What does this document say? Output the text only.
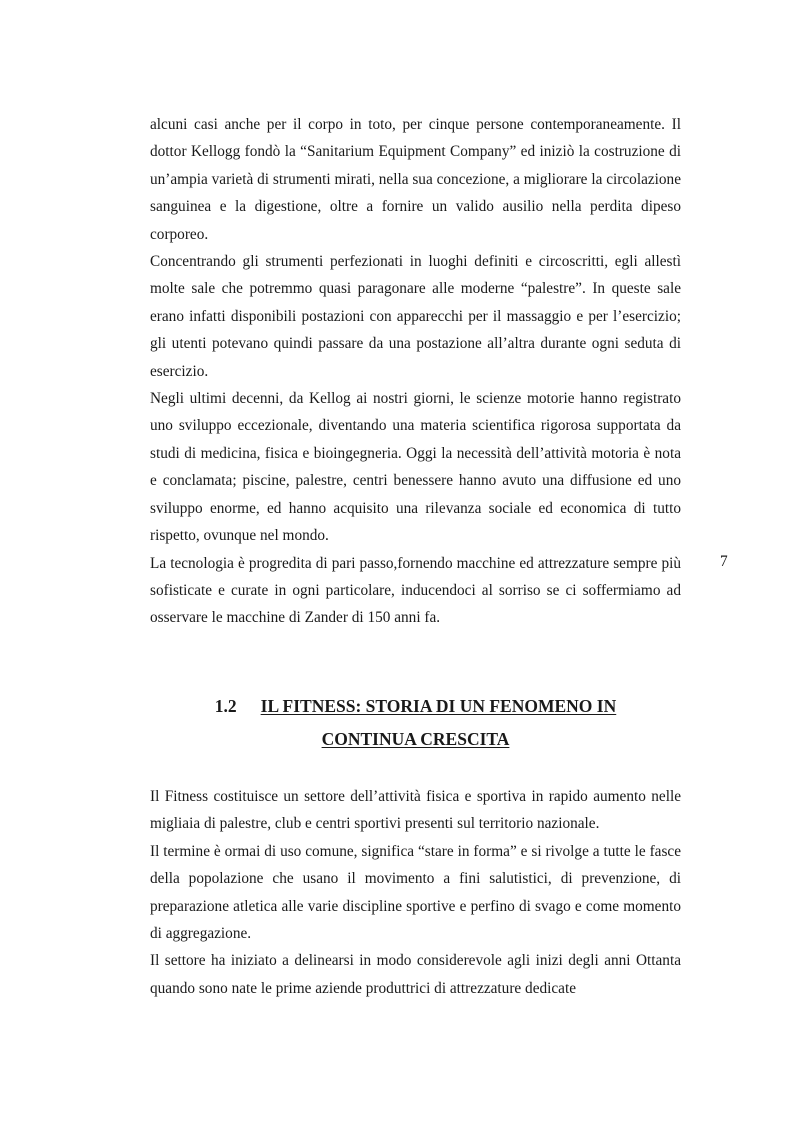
alcuni casi anche per il corpo in toto, per cinque persone contemporaneamente. Il dottor Kellogg fondò la “Sanitarium Equipment Company” ed iniziò la costruzione di un’ampia varietà di strumenti mirati, nella sua concezione, a migliorare la circolazione sanguinea e la digestione, oltre a fornire un valido ausilio nella perdita dipeso corporeo.

Concentrando gli strumenti perfezionati in luoghi definiti e circoscritti, egli allestì molte sale che potremmo quasi paragonare alle moderne “palestre”. In queste sale erano infatti disponibili postazioni con apparecchi per il massaggio e per l’esercizio; gli utenti potevano quindi passare da una postazione all’altra durante ogni seduta di esercizio.

Negli ultimi decenni, da Kellog ai nostri giorni, le scienze motorie hanno registrato uno sviluppo eccezionale, diventando una materia scientifica rigorosa supportata da studi di medicina, fisica e bioingegneria. Oggi la necessità dell’attività motoria è nota e conclamata; piscine, palestre, centri benessere hanno avuto una diffusione ed uno sviluppo enorme, ed hanno acquisito una rilevanza sociale ed economica di tutto rispetto, ovunque nel mondo.

La tecnologia è progredita di pari passo,fornendo macchine ed attrezzature sempre più sofisticate e curate in ogni particolare, inducendoci al sorriso se ci soffermiamo ad osservare le macchine di Zander di 150 anni fa.

7
1.2 IL FITNESS: STORIA DI UN FENOMENO IN
CONTINUA CRESCITA

Il Fitness costituisce un settore dell’attività fisica e sportiva in rapido aumento nelle migliaia di palestre, club e centri sportivi presenti sul territorio nazionale.

Il termine è ormai di uso comune, significa “stare in forma” e si rivolge a tutte le fasce della popolazione che usano il movimento a fini salutistici, di prevenzione, di preparazione atletica alle varie discipline sportive e perfino di svago e come momento di aggregazione.

Il settore ha iniziato a delinearsi in modo considerevole agli inizi degli anni Ottanta quando sono nate le prime aziende produttrici di attrezzature dedicate
